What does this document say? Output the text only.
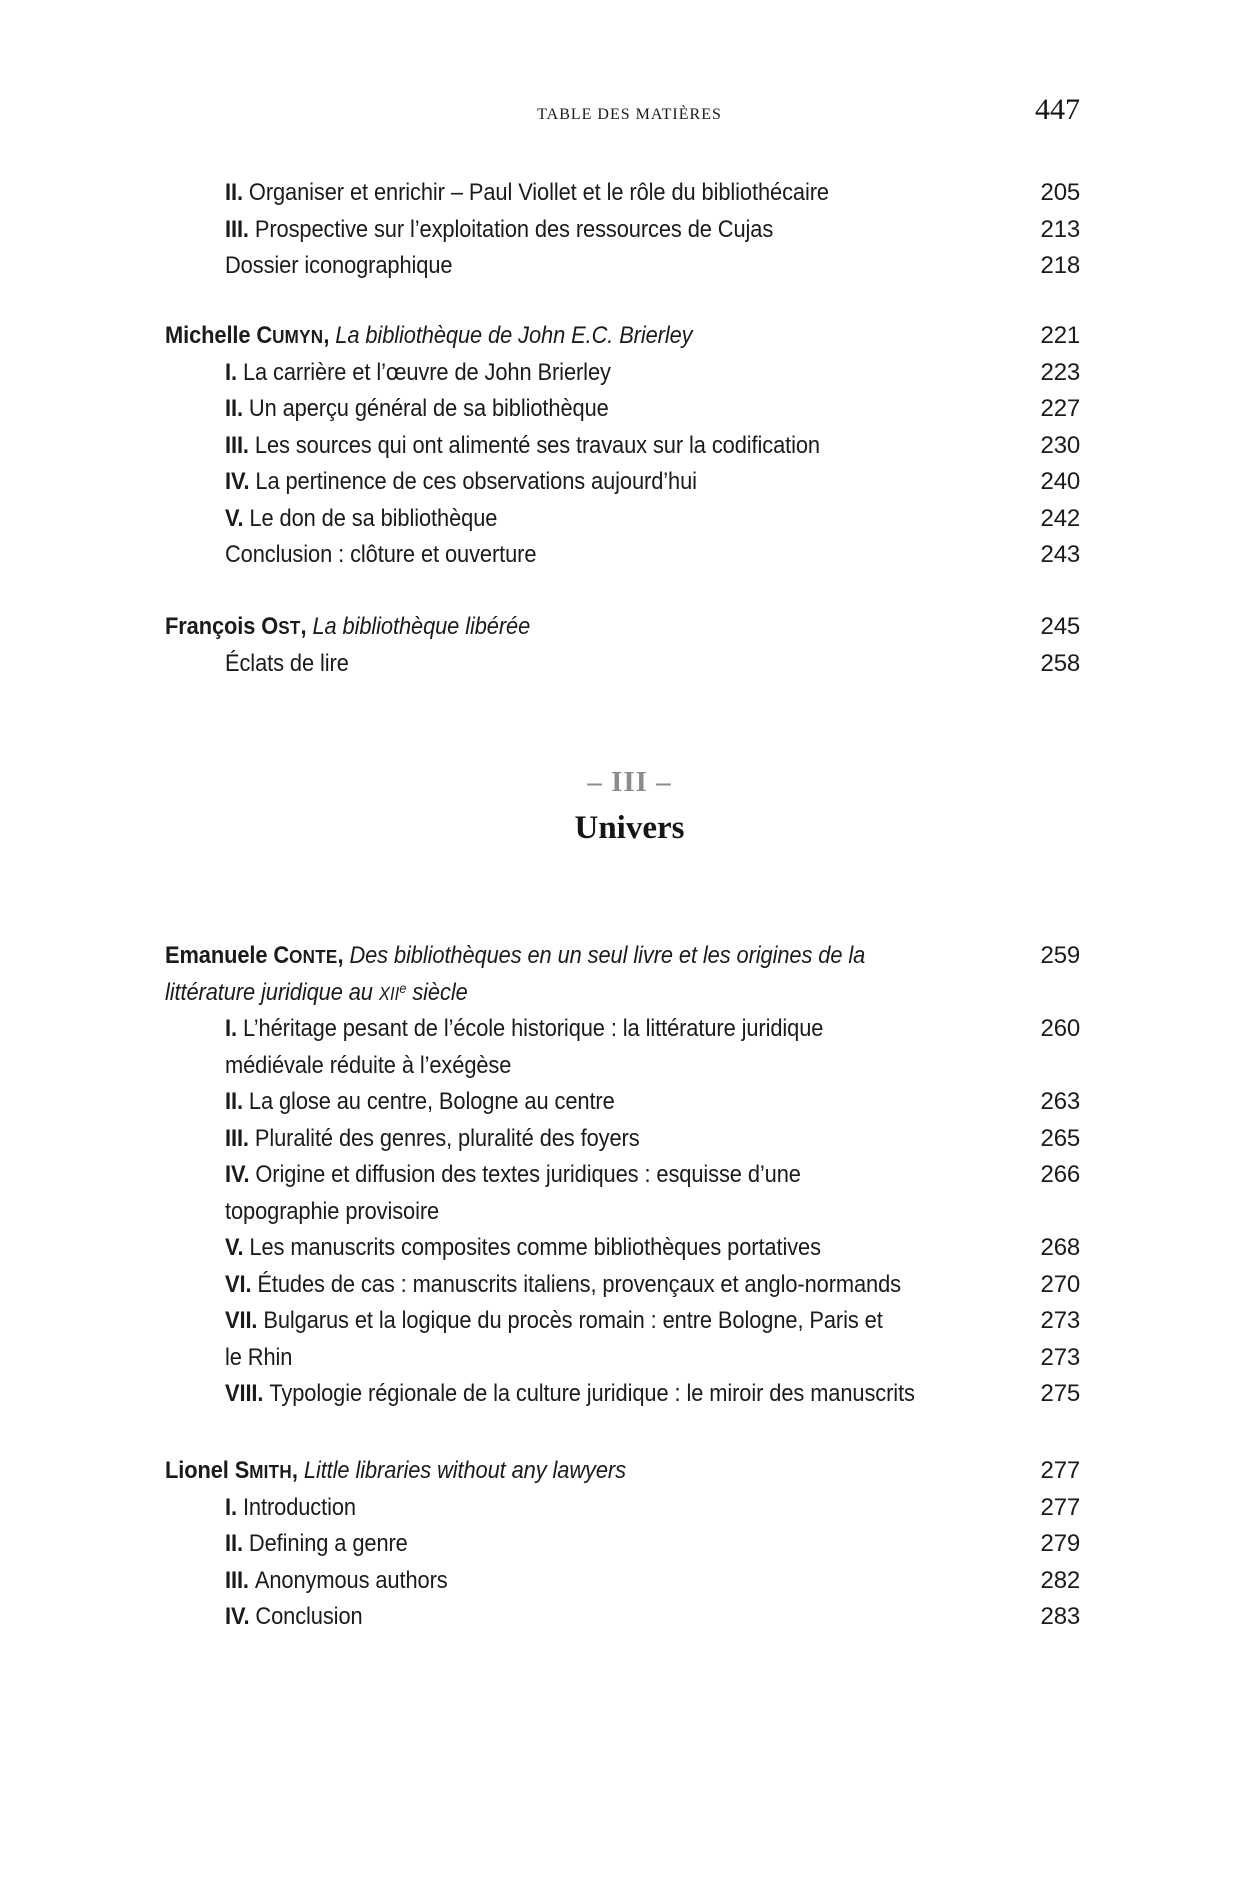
TABLE DES MATIÈRES	447
II. Organiser et enrichir – Paul Viollet et le rôle du bibliothécaire	205
III. Prospective sur l’exploitation des ressources de Cujas	213
Dossier iconographique	218
Michelle CUMYN, La bibliothèque de John E.C. Brierley	221
I. La carrière et l’œuvre de John Brierley	223
II. Un aperçu général de sa bibliothèque	227
III. Les sources qui ont alimenté ses travaux sur la codification	230
IV. La pertinence de ces observations aujourd’hui	240
V. Le don de sa bibliothèque	242
Conclusion : clôture et ouverture	243
François OST, La bibliothèque libérée	245
Éclats de lire	258
– III –
Univers
Emanuele CONTE, Des bibliothèques en un seul livre et les origines de la	259
littérature juridique au XIIe siècle
I. L’héritage pesant de l’école historique : la littérature juridique	260
médiévale réduite à l’exégèse
II. La glose au centre, Bologne au centre	263
III. Pluralité des genres, pluralité des foyers	265
IV. Origine et diffusion des textes juridiques : esquisse d’une	266
topographie provisoire
V. Les manuscrits composites comme bibliothèques portatives	268
VI. Études de cas : manuscrits italiens, provençaux et anglo-normands	270
VII. Bulgarus et la logique du procès romain : entre Bologne, Paris et	273
le Rhin	273
VIII. Typologie régionale de la culture juridique : le miroir des manuscrits	275
Lionel SMITH, Little libraries without any lawyers	277
I. Introduction	277
II. Defining a genre	279
III. Anonymous authors	282
IV. Conclusion	283
